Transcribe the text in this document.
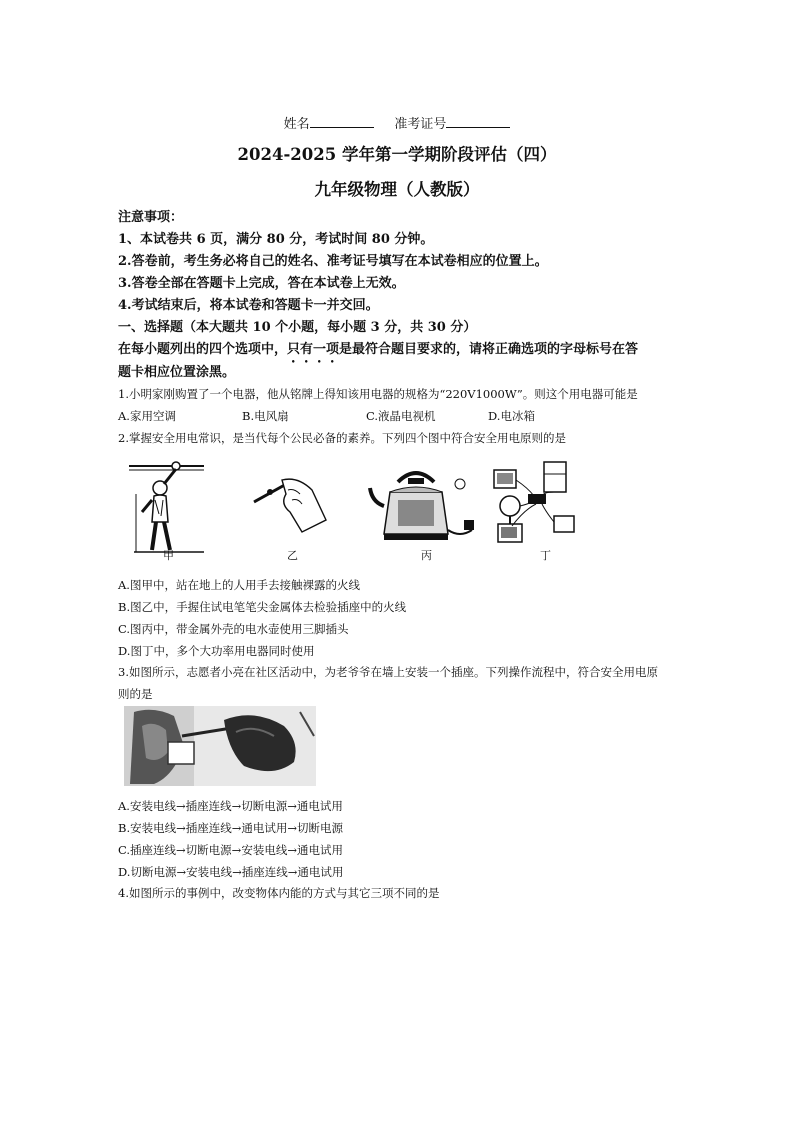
姓名	准考证号
2024-2025 学年第一学期阶段评估（四）
九年级物理（人教版）
注意事项：
1、本试卷共 6 页，满分 80 分，考试时间 80 分钟。
2.答卷前，考生务必将自己的姓名、准考证号填写在本试卷相应的位置上。
3.答卷全部在答题卡上完成，答在本试卷上无效。
4.考试结束后，将本试卷和答题卡一并交回。
一、选择题（本大题共 10 个小题，每小题 3 分，共 30 分）
在每小题列出的四个选项中，只有一项是最符合题目要求的，请将正确选项的字母标号在答
题卡相应位置涂黑。
1.小明家刚购置了一个电器，他从铭牌上得知该用电器的规格为“220V1000W”。则这个用电器可能是
A.家用空调	B.电风扇	C.液晶电视机	D.电冰箱
2.掌握安全用电常识，是当代每个公民必备的素养。下列四个图中符合安全用电原则的是
甲	乙	丙	丁
A.图甲中，站在地上的人用手去接触裸露的火线
B.图乙中，手握住试电笔笔尖金属体去检验插座中的火线
C.图丙中，带金属外壳的电水壶使用三脚插头
D.图丁中，多个大功率用电器同时使用
3.如图所示，志愿者小亮在社区活动中，为老爷爷在墙上安装一个插座。下列操作流程中，符合安全用电原
则的是
A.安装电线→插座连线→切断电源→通电试用
B.安装电线→插座连线→通电试用→切断电源
C.插座连线→切断电源→安装电线→通电试用
D.切断电源→安装电线→插座连线→通电试用
4.如图所示的事例中，改变物体内能的方式与其它三项不同的是
